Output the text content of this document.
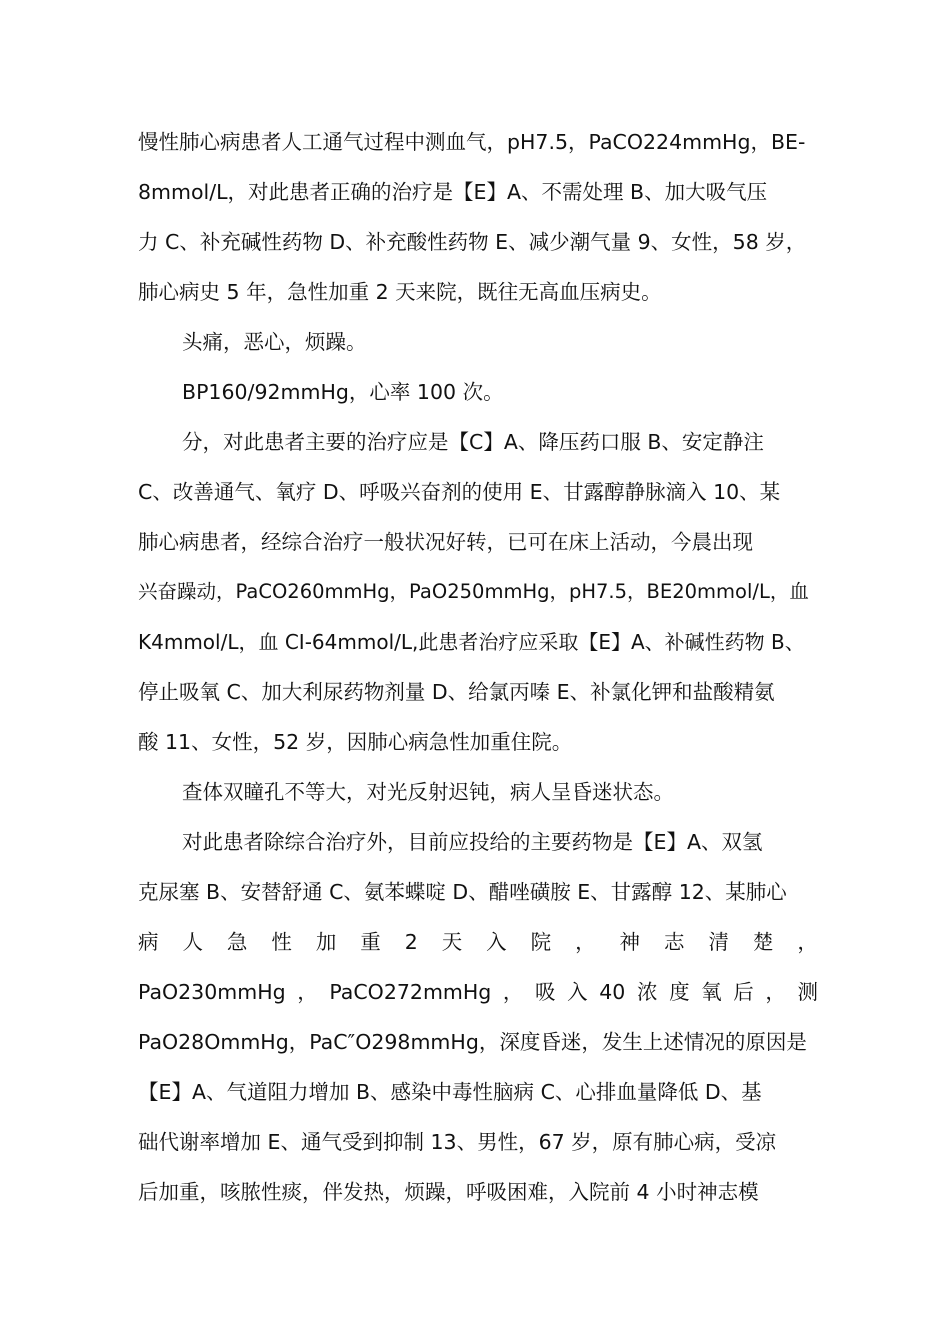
慢性肺心病患者人工通气过程中测血气，pH7.5，PaCO224mmHg，BE-
8mmol/L，对此患者正确的治疗是【E】A、不需处理 B、加大吸气压
力 C、补充碱性药物 D、补充酸性药物 E、减少潮气量 9、女性，58 岁，
肺心病史 5 年，急性加重 2 天来院，既往无高血压病史。
头痛，恶心，烦躁。
BP160/92mmHg，心率 100 次。
分，对此患者主要的治疗应是【C】A、降压药口服 B、安定静注
C、改善通气、氧疗 D、呼吸兴奋剂的使用 E、甘露醇静脉滴入 10、某
肺心病患者，经综合治疗一般状况好转，已可在床上活动，今晨出现
兴奋躁动，PaCO260mmHg，PaO250mmHg，pH7.5，BE20mmol/L，血
K4mmol/L，血 CI-64mmol/L,此患者治疗应采取【E】A、补碱性药物 B、
停止吸氧 C、加大利尿药物剂量 D、给氯丙嗪 E、补氯化钾和盐酸精氨
酸 11、女性，52 岁，因肺心病急性加重住院。
查体双瞳孔不等大，对光反射迟钝，病人呈昏迷状态。
对此患者除综合治疗外，目前应投给的主要药物是【E】A、双氢
克尿塞 B、安替舒通 C、氨苯蝶啶 D、醋唑磺胺 E、甘露醇 12、某肺心
病 人 急 性 加 重 2 天 入 院 ， 神 志 清 楚 ，
PaO230mmHg ， PaCO272mmHg ， 吸 入 40 浓 度 氧 后 ， 测
PaO28OmmHg，PaC″O298mmHg，深度昏迷，发生上述情况的原因是
【E】A、气道阻力增加 B、感染中毒性脑病 C、心排血量降低 D、基
础代谢率增加 E、通气受到抑制 13、男性，67 岁，原有肺心病，受凉
后加重，咳脓性痰，伴发热，烦躁，呼吸困难，入院前 4 小时神志模
